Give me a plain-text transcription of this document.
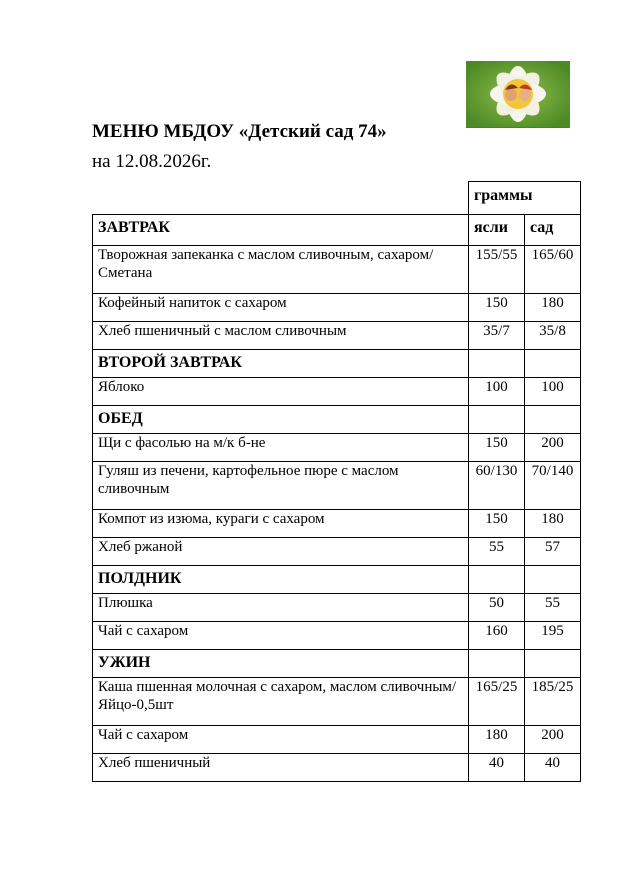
МЕНЮ МБДОУ «Детский сад 74»
на 12.08.2026г.
	граммы	
ЗАВТРАК	ясли	сад
Творожная запеканка с маслом сливочным, сахаром/Сметана	155/55	165/60
Кофейный напиток с сахаром	150	180
Хлеб пшеничный с маслом сливочным	35/7	35/8
ВТОРОЙ ЗАВТРАК		
Яблоко	100	100
ОБЕД		
Щи с фасолью на м/к б-не	150	200
Гуляш из печени, картофельное пюре с маслом сливочным	60/130	70/140
Компот из изюма, кураги с сахаром	150	180
Хлеб ржаной	55	57
ПОЛДНИК		
Плюшка	50	55
Чай с сахаром	160	195
УЖИН		
Каша пшенная молочная с сахаром, маслом сливочным/Яйцо-0,5шт	165/25	185/25
Чай с сахаром	180	200
Хлеб пшеничный	40	40
